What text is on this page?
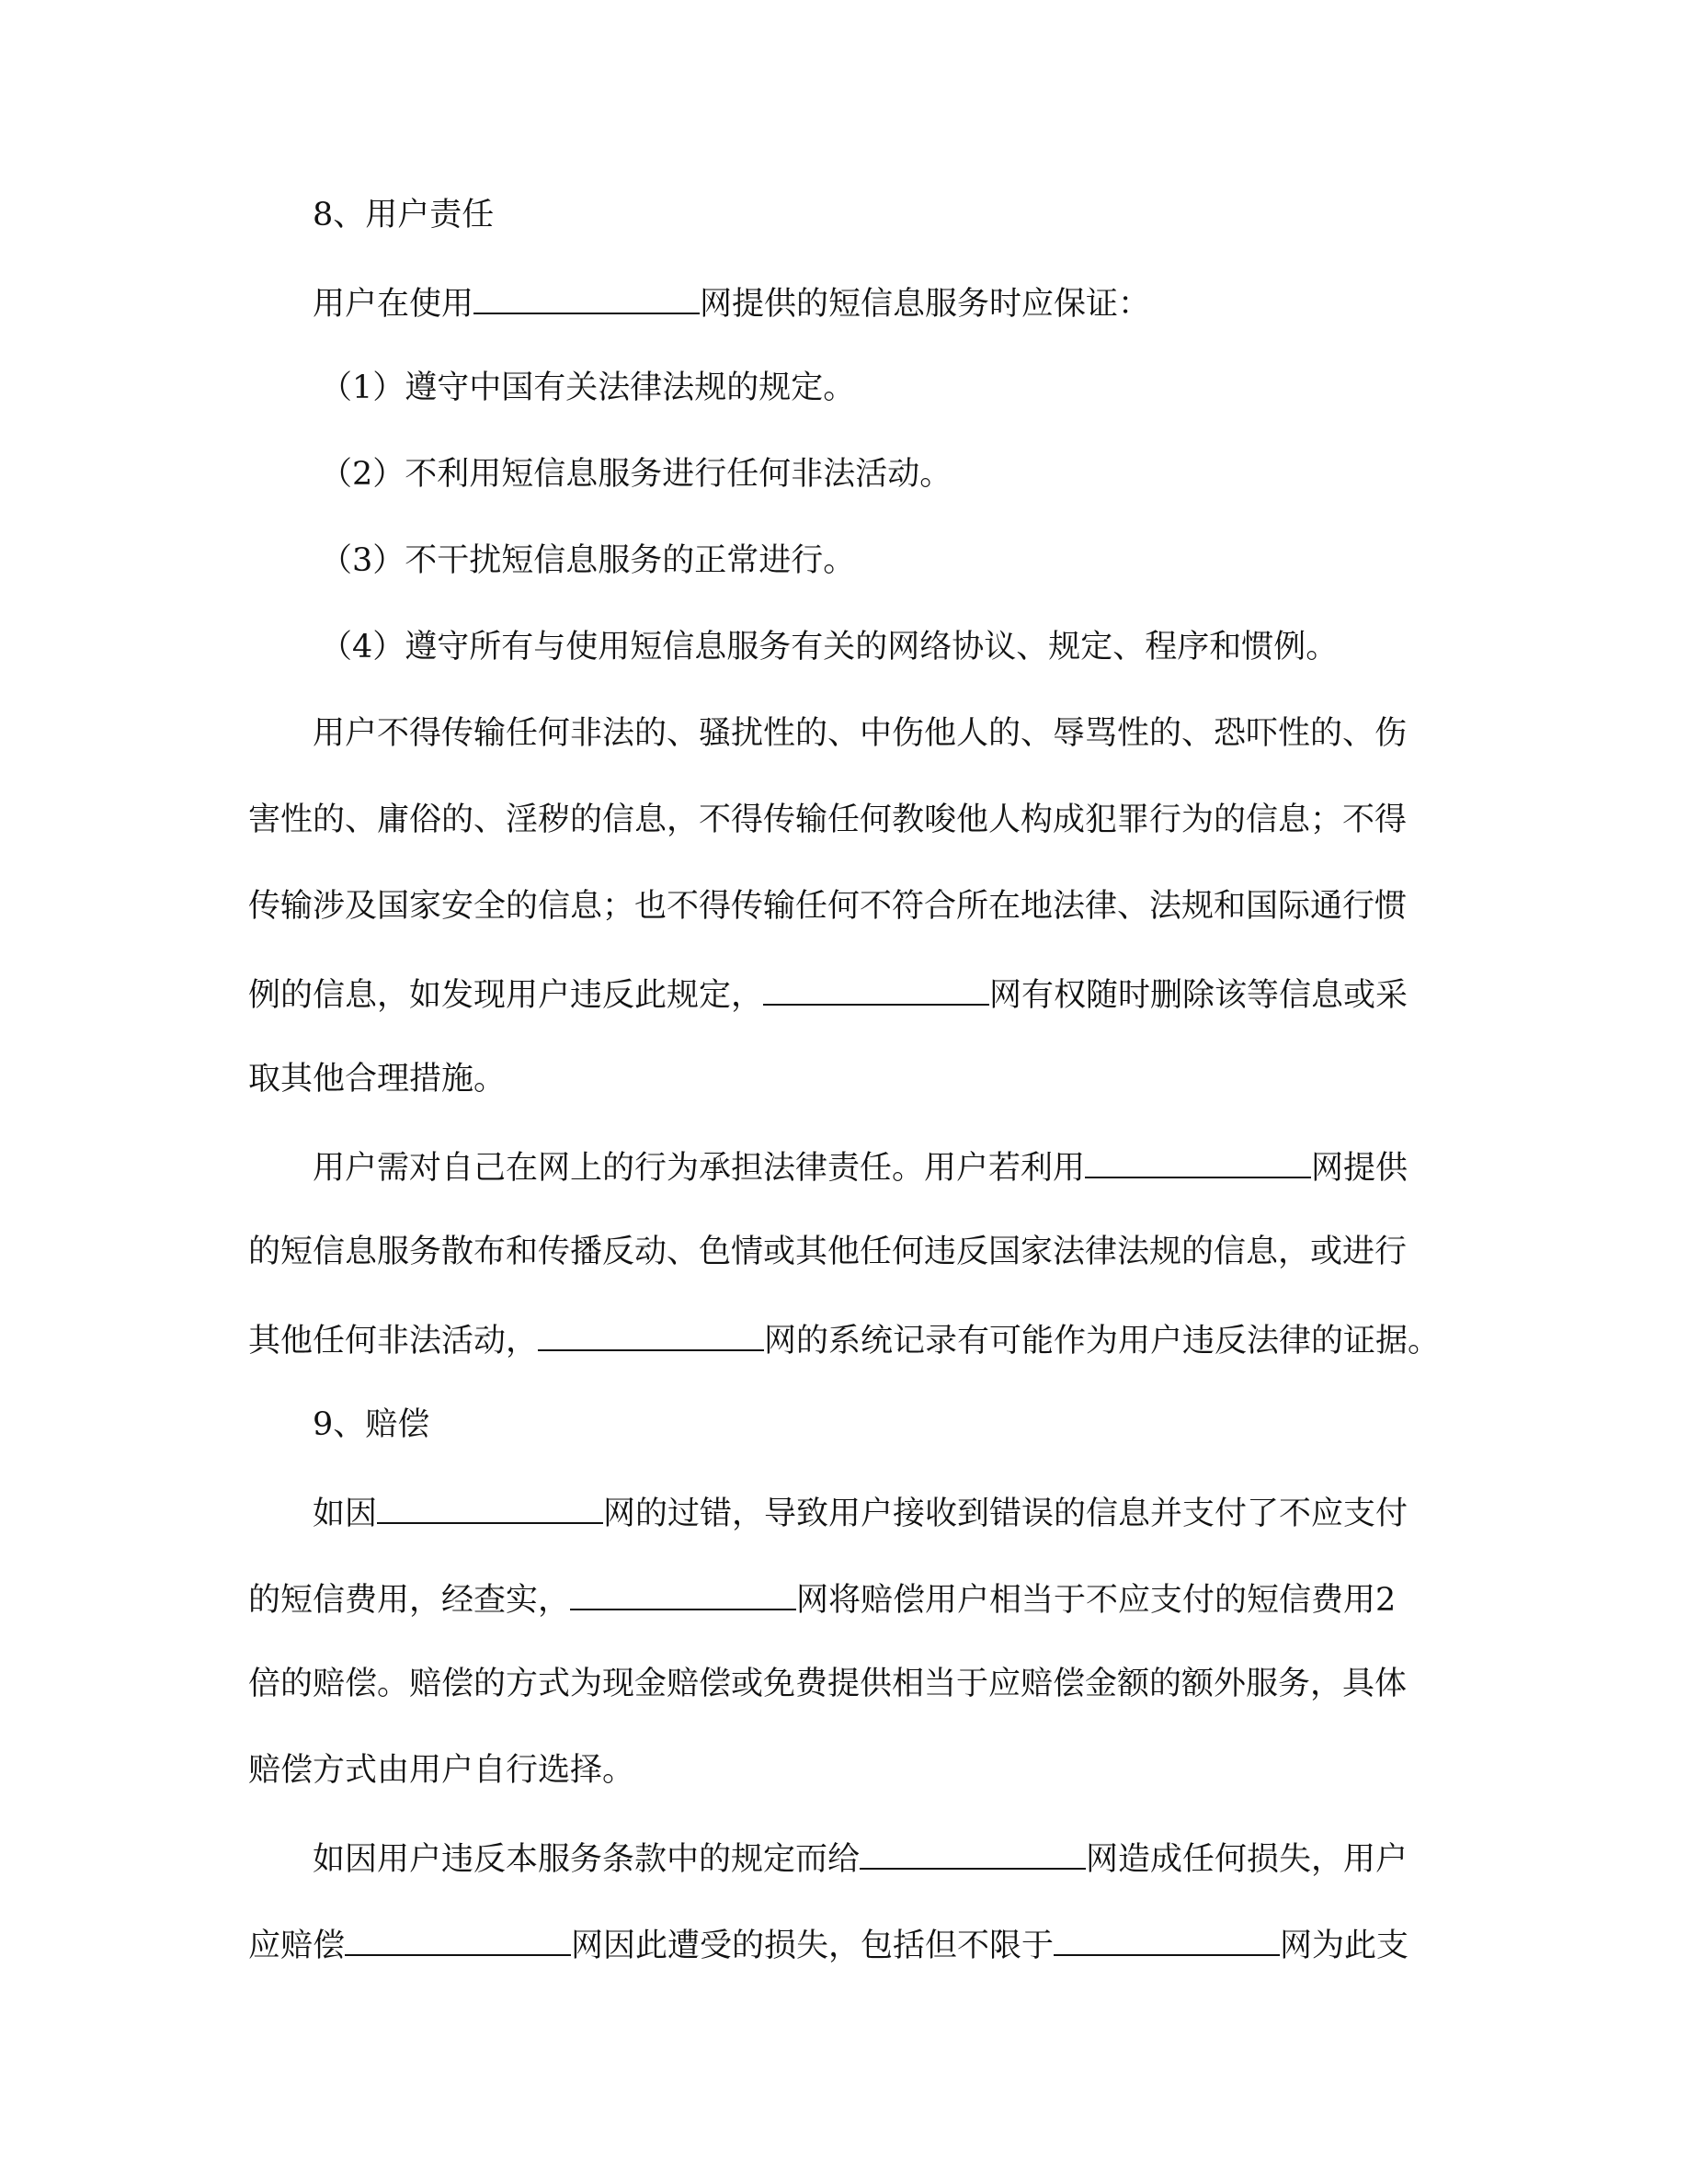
8、用户责任
用户在使用	网提供的短信息服务时应保证：
（1）遵守中国有关法律法规的规定。
（2）不利用短信息服务进行任何非法活动。
（3）不干扰短信息服务的正常进行。
（4）遵守所有与使用短信息服务有关的网络协议、规定、程序和惯例。
用户不得传输任何非法的、骚扰性的、中伤他人的、辱骂性的、恐吓性的、伤
害性的、庸俗的、淫秽的信息，不得传输任何教唆他人构成犯罪行为的信息；不得
传输涉及国家安全的信息；也不得传输任何不符合所在地法律、法规和国际通行惯
例的信息，如发现用户违反此规定，	网有权随时删除该等信息或采
取其他合理措施。
用户需对自己在网上的行为承担法律责任。用户若利用	网提供
的短信息服务散布和传播反动、色情或其他任何违反国家法律法规的信息，或进行
其他任何非法活动，	网的系统记录有可能作为用户违反法律的证据。
9、赔偿
如因	网的过错，导致用户接收到错误的信息并支付了不应支付
的短信费用，经查实，	网将赔偿用户相当于不应支付的短信费用2
倍的赔偿。赔偿的方式为现金赔偿或免费提供相当于应赔偿金额的额外服务，具体
赔偿方式由用户自行选择。
如因用户违反本服务条款中的规定而给	网造成任何损失，用户
应赔偿	网因此遭受的损失，包括但不限于	网为此支
